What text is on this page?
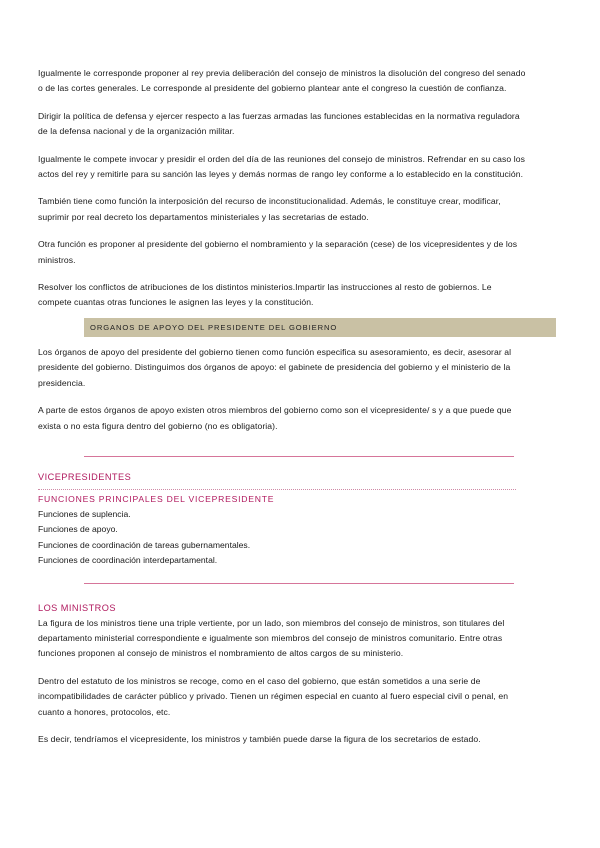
Igualmente le corresponde proponer al rey previa deliberación del consejo de ministros la disolución del congreso del senado o de las cortes generales. Le corresponde al presidente del gobierno plantear ante el congreso la cuestión de confianza.

Dirigir la política de defensa y ejercer respecto a las fuerzas armadas las funciones establecidas en la normativa reguladora de la defensa nacional y de la organización militar.

Igualmente le compete invocar y presidir el orden del día de las reuniones del consejo de ministros. Refrendar en su caso los actos del rey y remitirle para su sanción las leyes y demás normas de rango ley conforme a lo establecido en la constitución.

También tiene como función la interposición del recurso de inconstitucionalidad. Además, le constituye crear, modificar, suprimir por real decreto los departamentos ministeriales y las secretarias de estado.

Otra función es proponer al presidente del gobierno el nombramiento y la separación (cese) de los vicepresidentes y de los ministros.

Resolver los conflictos de atribuciones de los distintos ministerios.Impartir las instrucciones al resto de gobiernos. Le compete cuantas otras funciones le asignen las leyes y la constitución.

ORGANOS DE APOYO DEL PRESIDENTE DEL GOBIERNO

Los órganos de apoyo del presidente del gobierno tienen como función especifica su asesoramiento, es decir, asesorar al presidente del gobierno. Distinguimos dos órganos de apoyo: el gabinete de presidencia del gobierno y el ministerio de la presidencia.

A parte de estos órganos de apoyo existen otros miembros del gobierno como son el vicepresidente/ s y a que puede que exista o no esta figura dentro del gobierno (no es obligatoria).

VICEPRESIDENTES
FUNCIONES PRINCIPALES DEL VICEPRESIDENTE
Funciones de suplencia.
Funciones de apoyo.
Funciones de coordinación de tareas gubernamentales.
Funciones de coordinación interdepartamental.
LOS MINISTROS

La figura de los ministros tiene una triple vertiente, por un lado, son miembros del consejo de ministros, son titulares del departamento ministerial correspondiente e igualmente son miembros del consejo de ministros comunitario. Entre otras funciones proponen al consejo de ministros el nombramiento de altos cargos de su ministerio.

Dentro del estatuto de los ministros se recoge, como en el caso del gobierno, que están sometidos a una serie de incompatibilidades de carácter público y privado. Tienen un régimen especial en cuanto al fuero especial civil o penal, en cuanto a honores, protocolos, etc.

Es decir, tendríamos el vicepresidente, los ministros y también puede darse la figura de los secretarios de estado.
